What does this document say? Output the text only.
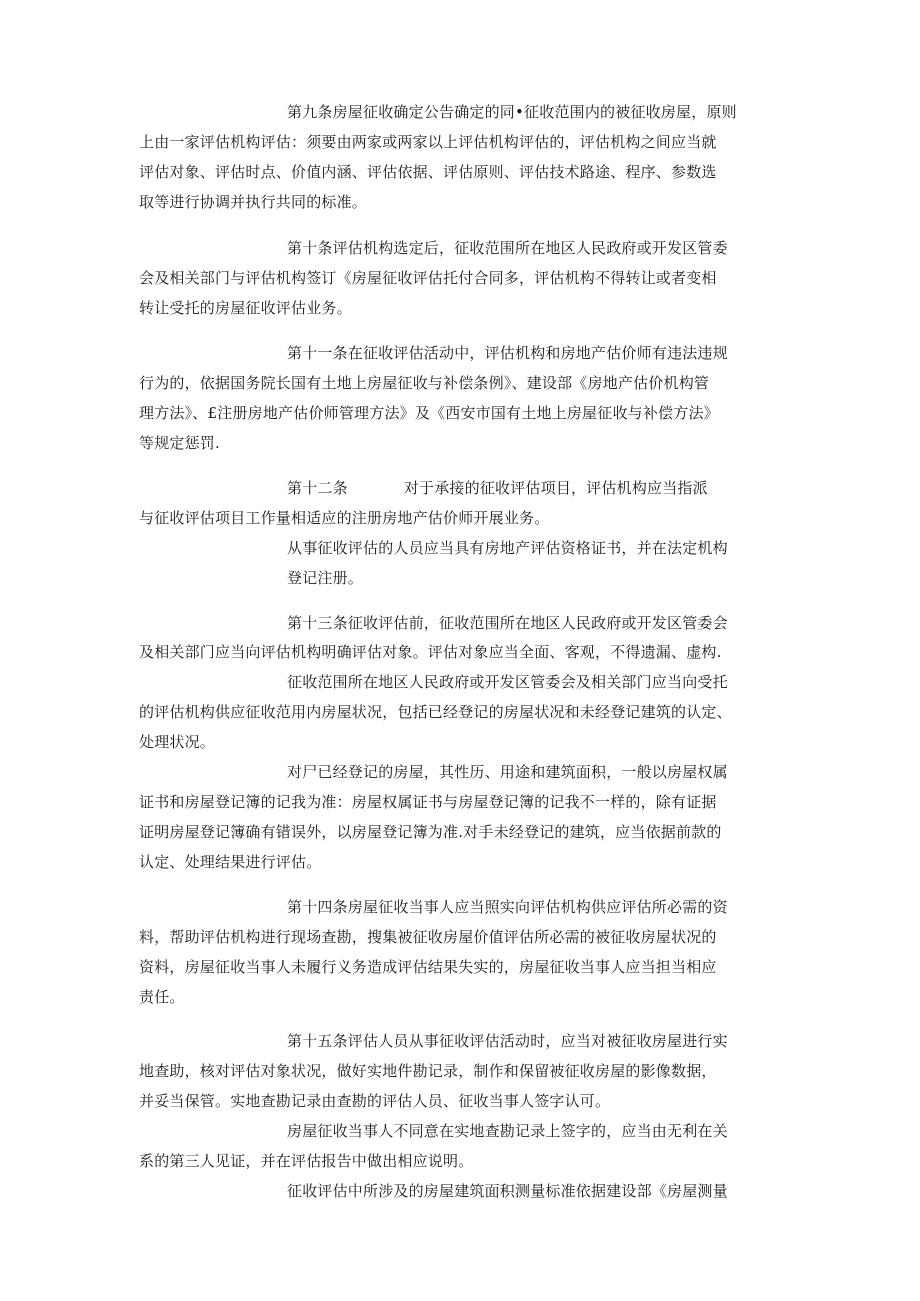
第九条房屋征收确定公告确定的同•征收范围内的被征收房屋，原则
上由一家评估机构评估：须要由两家或两家以上评估机构评估的，评估机构之间应当就
评估对象、评估时点、价值内涵、评估依据、评估原则、评估技术路途、程序、参数选
取等进行协调并执行共同的标准。
第十条评估机构选定后，征收范围所在地区人民政府或开发区管委
会及相关部门与评估机构签订《房屋征收评估托付合同多，评估机构不得转让或者变相
转让受托的房屋征收评估业务。
第十一条在征收评估活动中，评估机构和房地产估价师有违法违规
行为的，依据国务院长国有土地上房屋征收与补偿条例》、建设部《房地产估价机构管
理方法》、£注册房地产估价师管理方法》及《西安市国有土地上房屋征收与补偿方法》
等规定惩罚.
第十二条	对于承接的征收评估项目，评估机构应当指派
与征收评估项目工作量相适应的注册房地产估价师开展业务。
从事征收评估的人员应当具有房地产评估资格证书，并在法定机构
登记注册。
第十三条征收评估前，征收范围所在地区人民政府或开发区管委会
及相关部门应当向评估机构明确评估对象。评估对象应当全面、客观，不得遗漏、虚构.
征收范围所在地区人民政府或开发区管委会及相关部门应当向受托
的评估机构供应征收范用内房屋状况，包括已经登记的房屋状况和未经登记建筑的认定、
处理状况。
对尸已经登记的房屋，其性历、用途和建筑面积，一般以房屋权属
证书和房屋登记簿的记我为准：房屋权属证书与房屋登记簿的记我不一样的，除有证据
证明房屋登记簿确有错误外，以房屋登记簿为准.对手未经登记的建筑，应当依据前款的
认定、处理结果进行评估。
第十四条房屋征收当事人应当照实向评估机构供应评估所必需的资
料，帮助评估机构进行现场查勘，搜集被征收房屋价值评估所必需的被征收房屋状况的
资料，房屋征收当事人未履行义务造成评估结果失实的，房屋征收当事人应当担当相应
责任。
第十五条评估人员从事征收评估活动时，应当对被征收房屋进行实
地查助，核对评估对象状况，做好实地件勘记录，制作和保留被征收房屋的影像数据，
并妥当保管。实地查勘记录由查勘的评估人员、征收当事人签字认可。
房屋征收当事人不同意在实地查勘记录上签字的，应当由无利在关
系的第三人见证，并在评估报告中做出相应说明。
征收评估中所涉及的房屋建筑面积测量标准依据建设部《房屋测量
